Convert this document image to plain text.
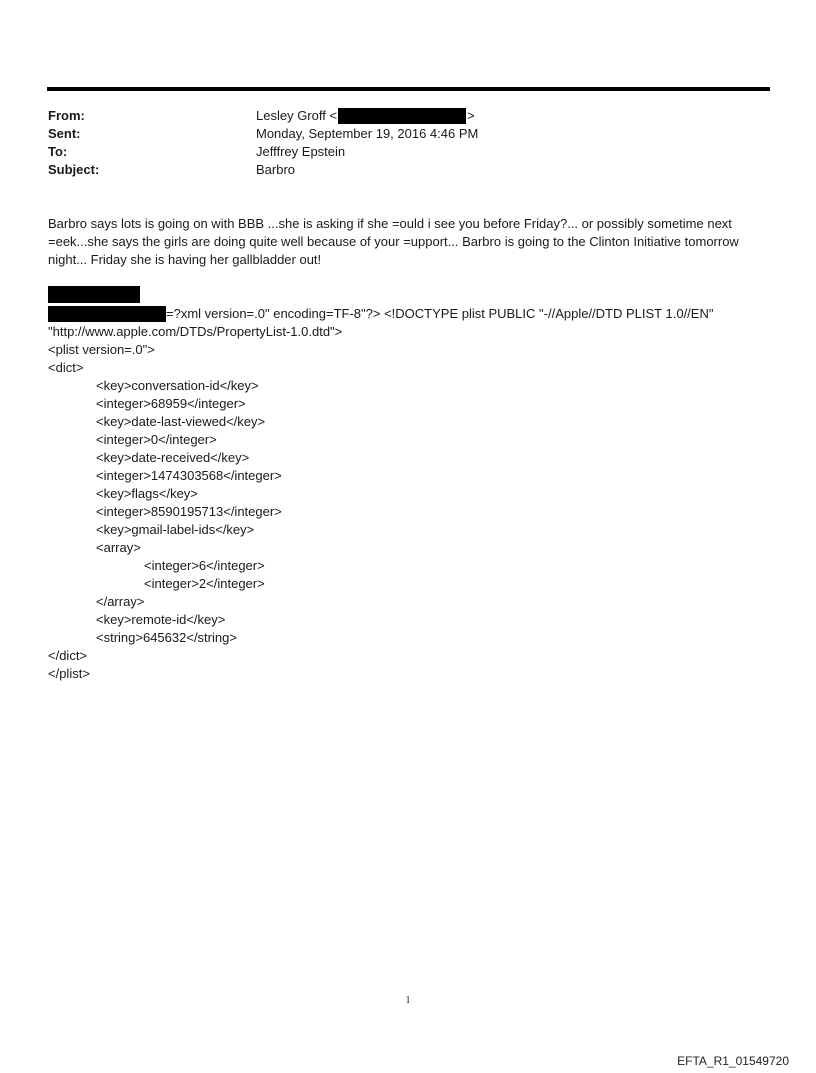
From:	Lesley Groff <	>
Sent:	Monday, September 19, 2016 4:46 PM
To:	Jefffrey Epstein
Subject:	Barbro

Barbro says lots is going on with BBB ...she is asking if she =ould i see you before Friday?... or possibly sometime next

=eek...she says the girls are doing quite well because of your =upport... Barbro is going to the Clinton Initiative tomorrow

night... Friday she is having her gallbladder out!

=?xml version=.0" encoding=TF-8"?> <!DOCTYPE plist PUBLIC "-//Apple//DTD PLIST 1.0//EN"
"http://www.apple.com/DTDs/PropertyList-1.0.dtd">
<plist version=.0">
<dict>
<key>conversation-id</key>
<integer>68959</integer>
<key>date-last-viewed</key>
<integer>0</integer>
<key>date-received</key>
<integer>1474303568</integer>
<key>flags</key>
<integer>8590195713</integer>
<key>gmail-label-ids</key>
<array>
<integer>6</integer>
<integer>2</integer>
</array>
<key>remote-id</key>
<string>645632</string>
</dict>
</plist>
1
EFTA_R1_01549720
